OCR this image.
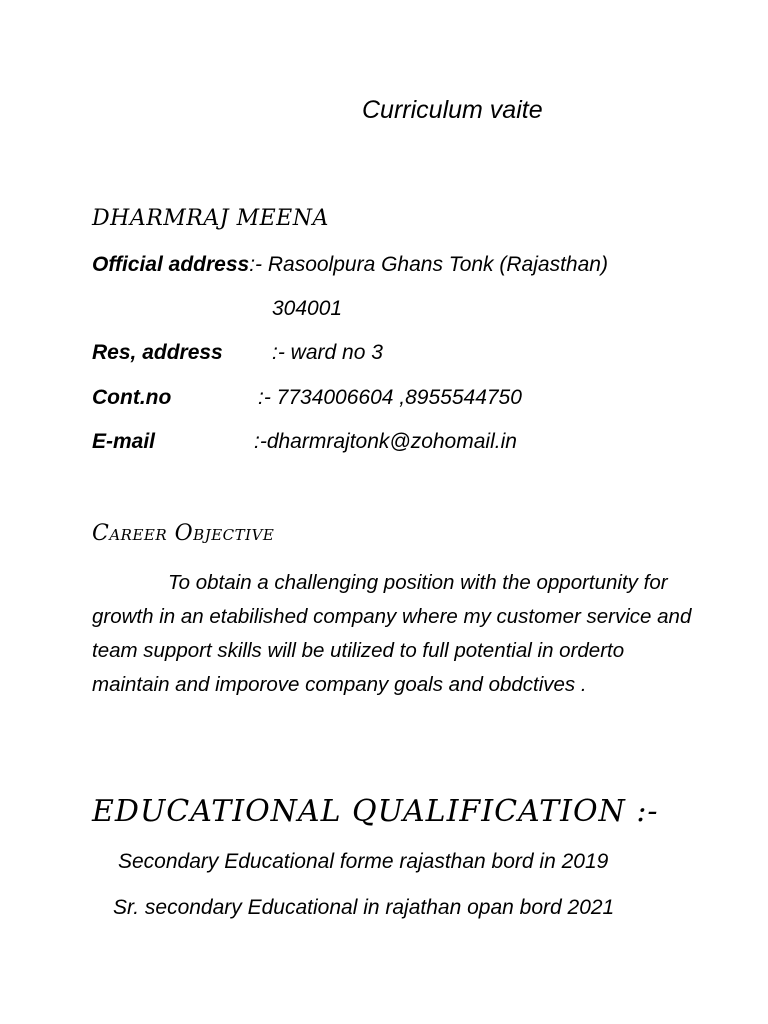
Curriculum vaite
DHARMRAJ MEENA
Official address:- Rasoolpura Ghans Tonk (Rajasthan)
304001
Res, address :- ward no 3
Cont.no	:- 7734006604 ,8955544750
E-mail	:-dharmrajtonk@zohomail.in
Career Objective
To obtain a challenging position with the opportunity for growth in an etabilished company where my customer service and team support skills will be utilized to full potential in orderto maintain and imporove company goals and obdctives .
EDUCATIONAL QUALIFICATION :-
Secondary Educational forme rajasthan bord in 2019
Sr. secondary Educational in rajathan opan bord 2021
